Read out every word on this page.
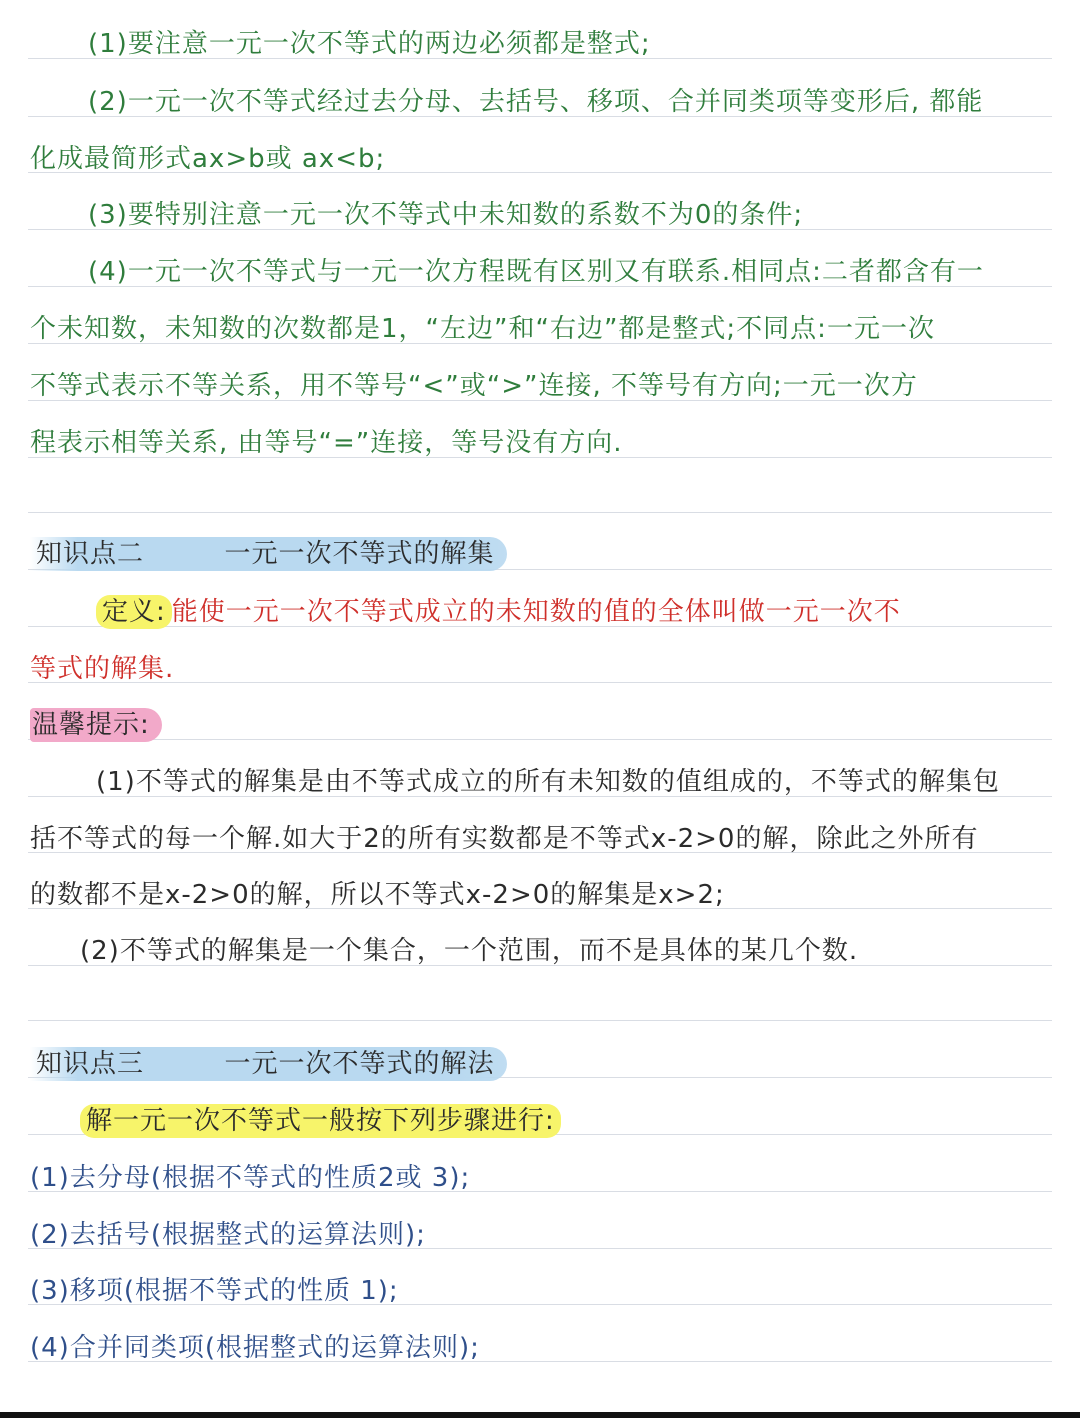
(1)要注意一元一次不等式的两边必须都是整式;
(2)一元一次不等式经过去分母、去括号、移项、合并同类项等变形后, 都能
化成最简形式ax>b或 ax<b;
(3)要特别注意一元一次不等式中未知数的系数不为0的条件;
(4)一元一次不等式与一元一次方程既有区别又有联系.相同点:二者都含有一
个未知数，未知数的次数都是1，“左边”和“右边”都是整式;不同点:一元一次
不等式表示不等关系，用不等号“<”或“>”连接, 不等号有方向;一元一次方
程表示相等关系, 由等号“=”连接，等号没有方向.
知识点二	一元一次不等式的解集
定义: 能使一元一次不等式成立的未知数的值的全体叫做一元一次不
等式的解集.
温馨提示:
(1)不等式的解集是由不等式成立的所有未知数的值组成的，不等式的解集包
括不等式的每一个解.如大于2的所有实数都是不等式x-2>0的解，除此之外所有
的数都不是x-2>0的解，所以不等式x-2>0的解集是x>2;
(2)不等式的解集是一个集合，一个范围，而不是具体的某几个数.
知识点三	一元一次不等式的解法
解一元一次不等式一般按下列步骤进行:
(1)去分母(根据不等式的性质2或 3);
(2)去括号(根据整式的运算法则);
(3)移项(根据不等式的性质 1);
(4)合并同类项(根据整式的运算法则);
